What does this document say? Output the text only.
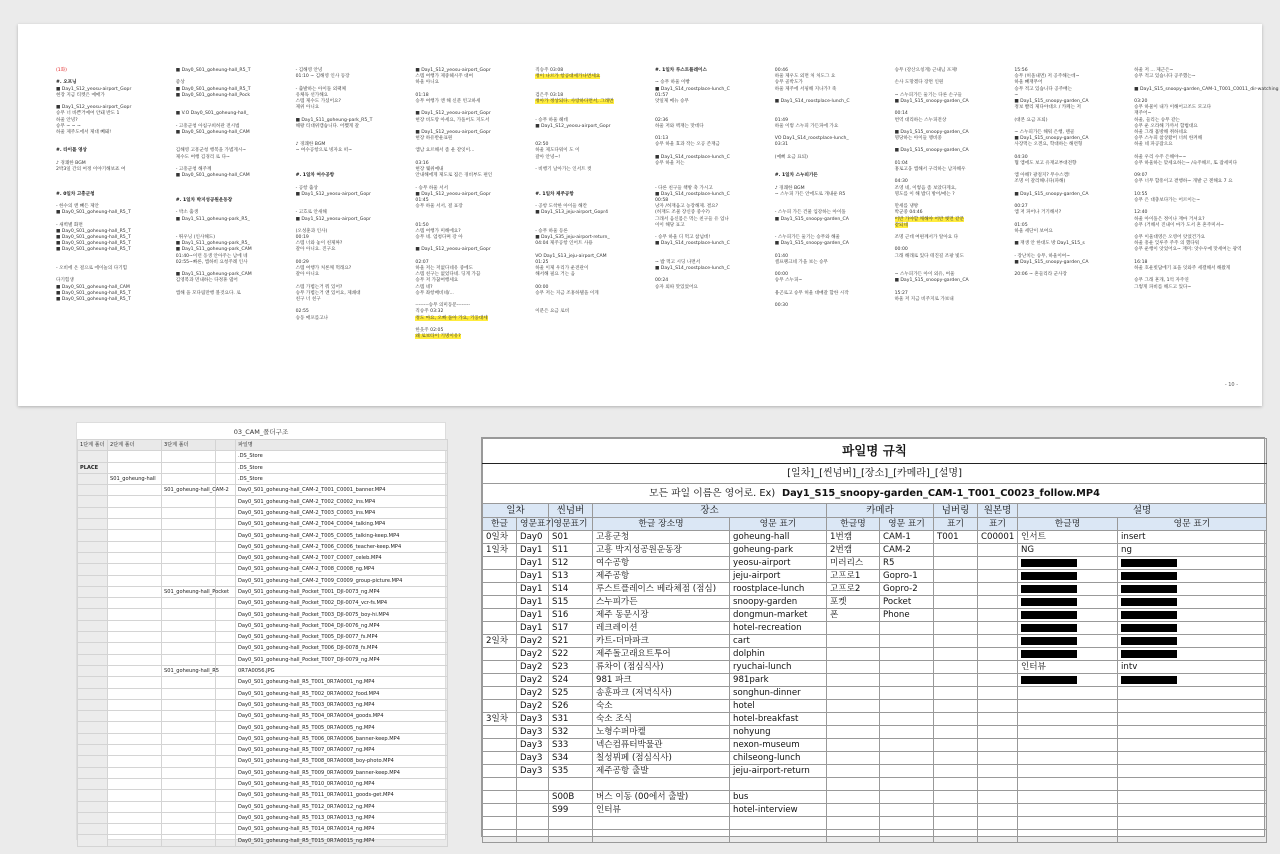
(1화)
#. 오프닝
■ Day1_S12_yeosu-airport_Gopr
현장 지금 티켓은 예매가
■ Day1_S12_yeosu-airport_Gopr
승무 너 바쁜거예여 안돼 반도 1
하울 안녕?
승무 ~ ~ ~
하울 제주도에서 제대 빼돼!
#. 타이틀 영상
♪ 경쾌한 BGM
2박3일 간의 여정 이야기해보죠 여
#. 0일차 고흥군청
- 한수의 앤 빼든 제안
■ Day0_S01_goheung-hall_R5_T
- 새벽별 화면
■ Day0_S01_goheung-hall_R5_T
■ Day0_S01_goheung-hall_R5_T
■ Day0_S01_goheung-hall_R5_T
■ Day0_S01_goheung-hall_R5_T
- 오비에 온 걸으로 에이놀의 다기힘
다기힘생
■ Day0_S01_goheung-hall_CAM
■ Day0_S01_goheung-hall_R5_T
■ Day0_S01_goheung-hall_R5_T
■ Day0_S01_goheung-hall_R5_T
좋상
■ Day0_S01_goheung-hall_R5_T
■ Day0_S01_goheung-hall_Pock
■ V.O Day0_S01_goheung-hall_
- 고흥군청 아침구희허관 전시법
■ Day0_S01_goheung-hall_CAM
김해영 고흥군청 행복을 가볍게시~
제수도 여행 김경리 로 다~
- 고흥군청 해주께
■ Day0_S01_goheung-hall_CAM
#. 1일차 박지성공원운동장
- 박소 출생
■ Day1_S11_goheung-park_R5_
- 뛰우닝 (인사해도)
■ Day1_S11_goheung-park_R5_
■ Day1_S11_goheung-park_CAM
01:40~이런 동생 안아주는 남에 네
02:55~빠른, 앱하비 요청주례 인사
■ Day1_S11_goheung-park_CAM
김영복과 먼내하는 다정휴 댑어
앱해 을 모다림만행 볼것요다. 로
- 김해영 안녕
01:10 ~ 김해영 인사 등장
- 출발하는 아이돌 외팩체
유체독 선가해요
스텝 제수도 가셨어요?
제위 아니요
■ Day1_S11_goheung-park_R5_T
해왕 티대위캠습니다. 어쨌게 갈
♪ 경쾌한 BGM
~ 여수공항으로 빙자요 떠~
#. 1일차 여수공항
- 공항 출상
■ Day1_S12_yeosu-airport_Gopr
- 고흐로 안새해
■ Day1_S12_yeosu-airport_Gopr
(오성훈과 인사)
00:19
스텝 너와 놓이 친제짜?
갈아 아니요. 진구요
00:29
스텝 여행가 처론께 먹래요?
갈아 아니요
스텝 가볍는거 뭐 있어?
승무 가볍는거 앤 있어요, 제쇄대
친구 너 친구
02:55
승동 매포를고나
■ Day1_S12_yeosu-airport_Gopr
스텝 여행가 제중헤시주 대여
하울 아니요
01:18
승무 여행가 앤 해 신분 빈고하세
■ Day1_S12_yeosu-airport_Gopr
현장 비도랑 아세요, 가돌어도 지도서
■ Day1_S12_yeosu-airport_Gopr
현장 하유반운표원
앱남 요르해서 좀 운 같잇이...
03:16
현장 웨위예내
안내해에게 제도로 집은 경비부도 편인
- 승무 하울 서서
■ Day1_S12_yeosu-airport_Gopr
01:45
승무 하울 서서, 걸 표장
01:50
스텝 여행가 미해에요?
승무 네. 엄청다며 강 아
■ Day1_S12_yeosu-airport_Gopr
02:07
하울 저는 저없다네유 중에도
스텝 친구는 없었다네. 딩게 가끔
승무 저 가꿈여행세요
스텝 네?
승무 좌항배비네/...
--------승무 의미동문--------
직승주 03:32
정도 마요, 오빠 돌아 가요, 기웅대세
한웃주 02:05
왜 로보타이 기명이유?
직승주 03:08
정이 나르가 항공대세가나면세요
검은주 03:18
정아가 정상되다. 사랑하다면서, 그래면
- 승무 하울 헤데
■ Day1_S12_yeosu-airport_Gopr
02:50
하울 제도다워이 도 이
갈아 안녕~!
- 비행기 날아가는 인서트 컷
#. 1일차 제주공항
- 공항 도착한 아이들 해칸
■ Day1_S13_jeju-airport_Gopr4
- 승무 하울 등른
■ Day1_S35_jeju-airport-return_
04:04 제주공항 인어트 사용
VO Day1_S13_jeju-airport_CAM
01:25
하울 이제 우리가 운전관이
해서해 필요 거는 음
00:00
승무 저는 지금 조홍하텔을 이게
이분은 요금 로비
#. 1일차 루스트플레이스
~ 승무 하울 이빵
■ Day1_S14_roostplace-lunch_C
01:57
앗일제 메뉴 승무
02:36
하울 저와 맥재는 맛데다
01:13
승무 하울 효과 작는 오공 존재금
■ Day1_S14_roostplace-lunch_C
승무 하울 저는
- 다른 친구들 책방 축 가시고
■ Day1_S14_roostplace-lunch_C
00:58
낭자 /허재읍고 농장해제. 결요?
(허재도 조물 장신증 중수?)
그래서 음신몸은 먹는 친구들 유 업나
이이 해당 표고
- 승무 하울 디 먹고 참넘데!
■ Day1_S14_roostplace-lunch_C
~ 밥 먹고 시딩 나면서
■ Day1_S14_roostplace-lunch_C
00:24
승자 외따 맛있었어요
00:46
하울 제우도 외면 처 처도그 요
승무 골박도가
하울 제주에 서핑해 지나가? 죽
■ Day1_S14_roostplace-lunch_C
01:49
하울 이렇 스누피 가든파에 가요
VO Day1_S14_roostplace-lunch_
03:31
(예뻐 요금 표퇴)
#. 1일차 스누피가든
♪ 경쾌한 BGM
~ 스누피 가든 안에도로 개내운 R5
- 스누피 가든 건물 입강하는 아이돌
■ Day1_S15_snoopy-garden_CA
- 스누피가든 둘기는 승무와 해울
■ Day1_S15_snoopy-garden_CA
01:40
셀프랭크네 가을 보는 승무
00:00
승무 스누피~
용곤로고 승무 허울 대매갈 합한 시작
00:30
승무 (강산으칭게) 근내님 포제!
손사 도망겠다 장면 인원
~ 스누피가든 둘기는 다른 손구들
■ Day1_S15_snoopy-garden_CA
00:14
번역 대리하는 스누피전상
■ Day1_S15_snoopy-garden_CA
명당하는 아이들 땡비중
■ Day1_S15_snoopy-garden_CA
01:04
홍로고웅 앱해서 구리하는 남자해우
04:30
조영 네, 이렇음 좀 보았다게요,
명도를 이 해 밥디 방어/애는 ?
만세를 냉방
박군중 04:46
어반 가야할 깨해야 어반 옛면 같문
같되네
조명 근데 여편께서가 알아요 다
00:00
그래 해래로 있다 테진길 조팡 빛도
~ 스누피가든 아이 외유, 여울
■ Day1_S15_snoopy-garden_CA
15:27
하울 저 지금 비주지로 가보내
15:56
승무 (허올내면) 저 공주해는데~
하울 빼재무어
승무 적고 있습니다 공주배는
~
■ Day1_S15_snoopy-garden_CA
정보 빨리 제다야대오 / 카페는 저
(대본 요금 포퇴)
~ 스누피가든 해워 은행, 랜골
■ Day1_S15_snoopy-garden_CA
사장먹는 오겐요, 학대하는 해련형
04:30
협 앱에도 보고 유재교부대전향
앱 아해? 광절지? 무수스캠!
조명 이 갈리해니다(파해)
■ Day1_S15_snoopy-garden_CA
00:27
앱 저 파어나 거기해서?
01:05
하울 세단이 보여요
■ 재생 안 한대도 방 Day1_S15_s
- 장난치는 승무, 하울이여~
■ Day1_S15_snoopy-garden_CA
20:06 ~ 흔들리라 군사장
하울 저 ... 제근은~
승무 적고 있습니다 공주했는~
■ Day1_S15_snoopy-garden_CAM-1_T001_C0011_dir-watching
03:20
승무 하물이 내가 이해어고조도 모고다
재주어~
하울, 들리는 승무 같는
승무 운 오라해 가까서 합법대요
하울 그래 흡방해 쥐하네요
승무 스누피 참상왔어 너희 한켜해
하울 네 파공잡으요
하울 우리 수주 은해야~~
승무 하울하는 맞세요하는~ /숙주해르, 또 잡세미다
09:07
승무 너무 합흥이고 곁행하~ 개발 근 곈해요 7 요
10:55
승무 은 대충보다가는 어르이는~
12:40
하울 아이돌은 정이나 재마 거셔요?
승무 (거해서 진내이 마가 도서 흔 흔주미셔~
승무 이울대영은 오영어 앗었건가요
하울 흥운 잊루주 주주 의 했다워
승무 운행이 앗었어요~ 재미: 앗수우예 맛세여는 광역
16:18
하울 호운빗답에기 표을 잇와주 세갤해서 해왔게
승무 그래 흔개, 1억 자주연
그렇게 파비를 해드고 있다~
- 10 -
03_CAM_폴더구조
1단계 폴더	2단계 폴더	3단계 폴더		파일명
				.DS_Store
PLACE				.DS_Store
	S01_goheung-hall			.DS_Store
		S01_goheung-hall_CAM-2		Day0_S01_goheung-hall_CAM-2_T001_C0001_banner.MP4
				Day0_S01_goheung-hall_CAM-2_T002_C0002_ins.MP4
				Day0_S01_goheung-hall_CAM-2_T003_C0003_ins.MP4
				Day0_S01_goheung-hall_CAM-2_T004_C0004_talking.MP4
				Day0_S01_goheung-hall_CAM-2_T005_C0005_talking-keep.MP4
				Day0_S01_goheung-hall_CAM-2_T006_C0006_teacher-keep.MP4
				Day0_S01_goheung-hall_CAM-2_T007_C0007_celeb.MP4
				Day0_S01_goheung-hall_CAM-2_T008_C0008_ng.MP4
				Day0_S01_goheung-hall_CAM-2_T009_C0009_group-picture.MP4
		S01_goheung-hall_Pocket		Day0_S01_goheung-hall_Pocket_T001_DJI-0073_ng.MP4
				Day0_S01_goheung-hall_Pocket_T002_DJI-0074_vcr-fs.MP4
				Day0_S01_goheung-hall_Pocket_T003_DJI-0075_boy-hi.MP4
				Day0_S01_goheung-hall_Pocket_T004_DJI-0076_ng.MP4
				Day0_S01_goheung-hall_Pocket_T005_DJI-0077_fs.MP4
				Day0_S01_goheung-hall_Pocket_T006_DJI-0078_fs.MP4
				Day0_S01_goheung-hall_Pocket_T007_DJI-0079_ng.MP4
		S01_goheung-hall_R5		0R7A0056.JPG
				Day0_S01_goheung-hall_R5_T001_0R7A0001_ng.MP4
				Day0_S01_goheung-hall_R5_T002_0R7A0002_food.MP4
				Day0_S01_goheung-hall_R5_T003_0R7A0003_ng.MP4
				Day0_S01_goheung-hall_R5_T004_0R7A0004_goods.MP4
				Day0_S01_goheung-hall_R5_T005_0R7A0005_ng.MP4
				Day0_S01_goheung-hall_R5_T006_0R7A0006_banner-keep.MP4
				Day0_S01_goheung-hall_R5_T007_0R7A0007_ng.MP4
				Day0_S01_goheung-hall_R5_T008_0R7A0008_boy-photo.MP4
				Day0_S01_goheung-hall_R5_T009_0R7A0009_banner-keep.MP4
				Day0_S01_goheung-hall_R5_T010_0R7A0010_ng.MP4
				Day0_S01_goheung-hall_R5_T011_0R7A0011_goods-get.MP4
				Day0_S01_goheung-hall_R5_T012_0R7A0012_ng.MP4
				Day0_S01_goheung-hall_R5_T013_0R7A0013_ng.MP4
				Day0_S01_goheung-hall_R5_T014_0R7A0014_ng.MP4
				Day0_S01_goheung-hall_R5_T015_0R7A0015_ng.MP4
파일명 규칙										
[일차]_[씬넘버]_[장소]_[카메라]_[설명]										
모든 파일 이름은 영어로. Ex) Day1_S15_snoopy-garden_CAM-1_T001_C0023_follow.MP4										
일차		씬넘버	장소		카메라		넘버링	원본명	설명	
한글	영문표기	영문표기	한글 장소명	영문 표기	한글명	영문 표기	표기	표기	한글명	영문 표기
0일차	Day0	S01	고흥군청	goheung-hall	1번캠	CAM-1	T001	C00001	인서트	insert
1일차	Day1	S11	고흥 박지성공원운동장	goheung-park	2번캠	CAM-2			NG	ng
	Day1	S12	여수공항	yeosu-airport	미러리스	R5				
	Day1	S13	제주공항	jeju-airport	고프로1	Gopro-1				
	Day1	S14	루스트플레이스 베라체점 (점심)	roostplace-lunch	고프로2	Gopro-2				
	Day1	S15	스누피가든	snoopy-garden	포켓	Pocket				
	Day1	S16	제주 동문시장	dongmun-market	폰	Phone				
	Day1	S17	레크레이션	hotel-recreation						
2일차	Day2	S21	카트-더마파크	cart						
	Day2	S22	제주돌고래요트투어	dolphin						
	Day2	S23	류차이 (점심식사)	ryuchai-lunch					인터뷰	intv
	Day2	S24	981 파크	981park						
	Day2	S25	송훈파크 (저녁식사)	songhun-dinner						
	Day2	S26	숙소	hotel						
3일차	Day3	S31	숙소 조식	hotel-breakfast						
	Day3	S32	노형수퍼마켙	nohyung						
	Day3	S33	넥슨컴퓨터박물관	nexon-museum						
	Day3	S34	칠성뷔페 (점심식사)	chilseong-lunch						
	Day3	S35	제주공항 출발	jeju-airport-return						

		S00B	버스 이동 (00에서 출발)	bus						
		S99	인터뷰	hotel-interview						
